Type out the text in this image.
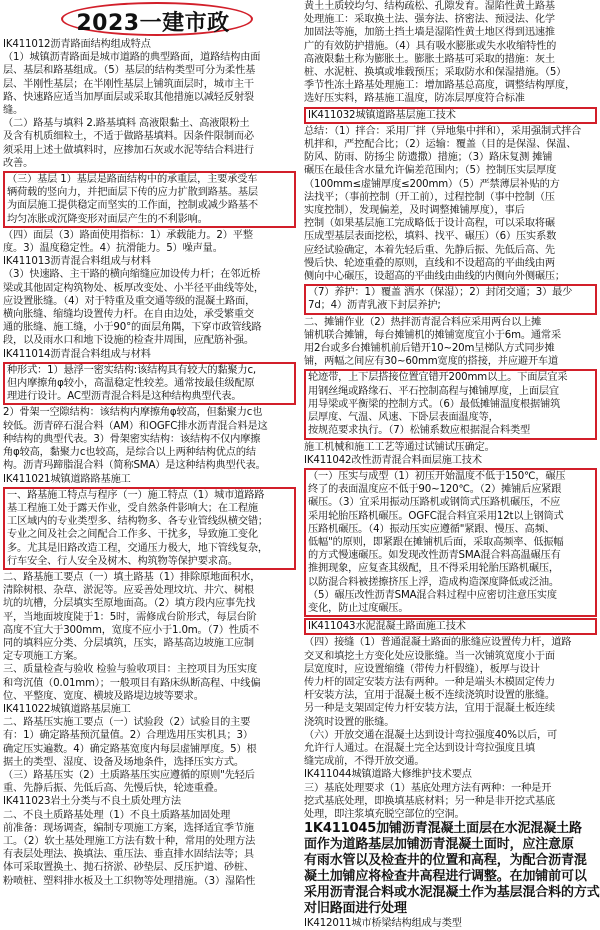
2023一建市政
IK411012沥青路面结构组成特点
（1）城镇沥青路面是城市道路的典型路面，道路结构由面
层、基层和路基组成。（5）基层的结构类型可分为柔性基
层、半刚性基层；在半刚性基层上铺筑面层时，城市主干
路、快速路应适当加厚面层或采取其他措施以减轻反射裂
缝。
（二）路基与填料 2.路基填料 高液限黏土、高液限粉土
及含有机质细粒土，不适于做路基填料。因条件限制而必
须采用上述土做填料时，应掺加石灰或水泥等结合料进行
改善。
（三）基层 1）基层是路面结构中的承重层，主要承受车
辆荷载的竖向力，并把面层下传的应力扩散到路基。基层
为面层施工提供稳定而坚实的工作面，控制或减少路基不
均匀冻胀或沉降变形对面层产生的不利影响。
（四）面层（3）路面使用指标：1）承载能力。2）平整
度。3）温度稳定性。4）抗滑能力。5）噪声量。
IK411013沥青混合料组成与材料
（3）快速路、主干路的横向缩缝应加设传力杆；在邻近桥
梁或其他固定构筑物处、板厚改变处、小半径平曲线等处，
应设置胀缝。（4）对于特重及重交通等级的混凝土路面，
横向胀缝、缩缝均设置传力杆。在自由边处，承受繁重交
通的胀缝、施工缝，小于90°的面层角隅，下穿市政管线路
段，以及雨水口和地下设施的检查井周围，应配筋补强。
IK411014沥青混合料组成与材料
种形式：1）悬浮一密实结构:该结构具有较大的黏聚力c,
但内摩擦角φ较小，高温稳定性较差。通常按最佳级配原
理进行设计。AC型沥青混合料是这种结构典型代表。
2）骨架一空隙结构：该结构内摩擦角φ较高，但黏聚力c也
较低。沥青碎石混合料（AM）和OGFC排水沥青混合料是这
种结构的典型代表。3）骨架密实结构：该结构不仅内摩擦
角φ较高，黏聚力c也较高，是综合以上两种结构优点的结
构。沥青玛蹄脂混合料（简称SMA）是这种结构典型代表。
IK411021城镇道路路基施工
一、路基施工特点与程序（一）施工特点（1）城市道路路
基工程施工处于露天作业，受自然条件影响大；在工程施
工区域内的专业类型多、结构物多、各专业管线纵横交错；
专业之间及社会之间配合工作多、干扰多，导致施工变化
多。尤其是旧路改造工程，交通压力极大，地下管线复杂，
行车安全、行人安全及树木、构筑物等保护要求高。
二、路基施工要点（一）填土路基（1）排除原地面积水，
清除树根、杂草、淤泥等。应妥善处理坟坑、井穴、树根
坑的坑槽，分层填实至原地面高。（2）填方段内应事先找
平，当地面坡度陡于1：5时，需修成台阶形式，每层台阶
高度不宜大于300mm，宽度不应小于1.0m。（7）性质不
同的填料应分类、分层填筑，压实，路基高边坡施工应制
定专项施工方案。
三、质量检查与验收 检验与验收项目：主控项目为压实度
和弯沉值（0.01mm）；一般项目有路床纵断高程、中线偏
位、平整度、宽度、横坡及路堤边坡等要求。
IK411022城镇道路基层施工
二、路基压实施工要点（一）试验段（2）试验目的主要
有：1）确定路基预沉量值。2）合理选用压实机具；3）
确定压实遍数。4）确定路基宽度内每层虚铺厚度。5）根
据土的类型、湿度、设备及场地条件，选择压实方式。
（三）路基压实（2）土质路基压实应遵循的原则"先轻后
重、先静后振、先低后高、先慢后快，轮迹重叠。
IK411023岩土分类与不良土质处理方法
二、不良土质路基处理（1）不良土质路基加固处理
前准备：现场调查，编制专项施工方案，选择适宜季节施
工。（2）软土基处理施工方法有数十种，常用的处理方法
有表层处理法、换填法、重压法、垂直排水固结法等；具
体可采取置换土、抛石挤淤、砂垫层、反压护道、砂桩、
粉喷桩、塑料排水板及土工织物等处理措施。（3）湿陷性
黄土土质较均匀、结构疏松、孔隙发育。湿陷性黄土路基
处理施工：采取换土法、强夯法、挤密法、预浸法、化学
加固法等施，加筋土挡土墙是湿陷性黄土地区得到迅速推
广的有效防护措施。（4）具有吸水膨胀或失水收缩特性的
高液限黏土称为膨胀土。膨胀土路基可采取的措施：灰土
桩、水泥桩、换填或堆载预压；采取防水和保湿措施。（5）
季节性冻土路基处理施工：增加路基总高度，调整结构厚度，
选好压实料，路基施工温度，防冻层厚度符合标准
IK411032城镇道路基层施工技术
总结：（1）拌合：采用厂拌（异地集中拌和），采用强制式拌合
机拌和，严控配合比；（2）运输：覆盖（目的是保湿、保温、
防风、防雨、防扬尘 防遗撒）措施；（3）路床复测 摊铺
碾压在最佳含水量允许偏差范围内；（5）控制压实层厚度
（100mm≤虚铺厚度≤200mm）（5）严禁薄层补贴的方
法找平；（事前控制（开工前），过程控制（事中控制（压
实度控制），发现偏差，及时调整摊铺厚度），事后
控制（如果基层施工完成略低于设计高程，可以采取将碾
压成型基层表面挖松，填料、找平、碾压）（6）压实系数
应经试验确定，本着先轻后重、先静后振、先低后高、先
慢后快、轮迹重叠的原则，直线和不设超高的平曲线由两
侧向中心碾压，设超高的平曲线由曲线的内侧向外侧碾压；
（7）养护：1）覆盖 洒水（保湿）；2）封闭交通；3）最少
7d；4）沥青乳液下封层养护;
二、摊铺作业（2）热拌沥青混合料应采用两台以上摊
铺机联合摊铺，每台摊铺机的摊铺宽度宜小于6m。通常采
用2台或多台摊铺机前后错开10~20m呈梯队方式同步摊
铺，两幅之间应有30~60mm宽度的搭接，并应避开车道
轮迹带，上下层搭接位置宜错开200mm以上。下面层宜采
用钢丝绳或路缘石、平石控制高程与摊铺厚度，上面层宜
用导梁或平衡梁的控制方式。（6）最低摊铺温度根据铺筑
层厚度、气温、风速、下卧层表面温度等，
按规范要求执行。（7）松铺系数应根据混合料类型
施工机械和施工工艺等通过试铺试压确定。
IK411042改性沥青混合料面层施工技术
（一）压实与成型（1）初压开始温度不低于150℃，碾压
终了的表面温度应不低于90~120℃。（2）摊铺后应紧跟
碾压。（3）宜采用振动压路机或钢筒式压路机碾压，不应
采用轮胎压路机碾压。OGFC混合料宜采用12t以上钢筒式
压路机碾压。（4）振动压实应遵循"紧跟、慢压、高频、
低幅"的原则，即紧跟在摊铺机后面，采取高频率、低振幅
的方式慢速碾压。如发现改性沥青SMA混合料高温碾压有
推拥现象，应复查其级配，且不得采用轮胎压路机碾压，
以防混合料被搓擦挤压上浮，造成构造深度降低或泛油。
（5）碾压改性沥青SMA混合料过程中应密切注意压实度
变化，防止过度碾压。
IK411043水泥混凝土路面施工技术
（四）接缝（1）普通混凝土路面的胀缝应设置传力杆，道路
交叉和填挖土方变化处应设胀缝。当一次铺筑宽度小于面
层宽度时，应设置缩缝（带传力杆假缝），板厚与设计
传力杆的固定安装方法有两种。一种是端头木模固定传力
杆安装方法，宜用于混凝土板不连续浇筑时设置的胀缝。
另一种是支架固定传力杆安装方法，宜用于混凝土板连续
浇筑时设置的胀缝。
（六）开放交通在混凝土达到设计弯拉强度40%以后，可
允许行人通过。在混凝土完全达到设计弯拉强度且填
缝完成前，不得开放交通。
IK411044城镇道路大修维护技术要点
三）基底处理要求（1）基底处理方法有两种：一种是开
挖式基底处理，即换填基底材料；另一种是非开挖式基底
处理，即注浆填充脱空部位的空洞。
1K411045加铺沥青混凝土面层在水泥混凝土路
面作为道路基层加铺沥青混凝土面时，应注意原
有雨水管以及检查井的位置和高程，为配合沥青混
凝土加铺应将检查井高程进行调整。在加铺前可以
采用沥青混合料或水泥混凝土作为基层混合料的方式
对旧路面进行处理
IK412011城市桥梁结构组成与类型
